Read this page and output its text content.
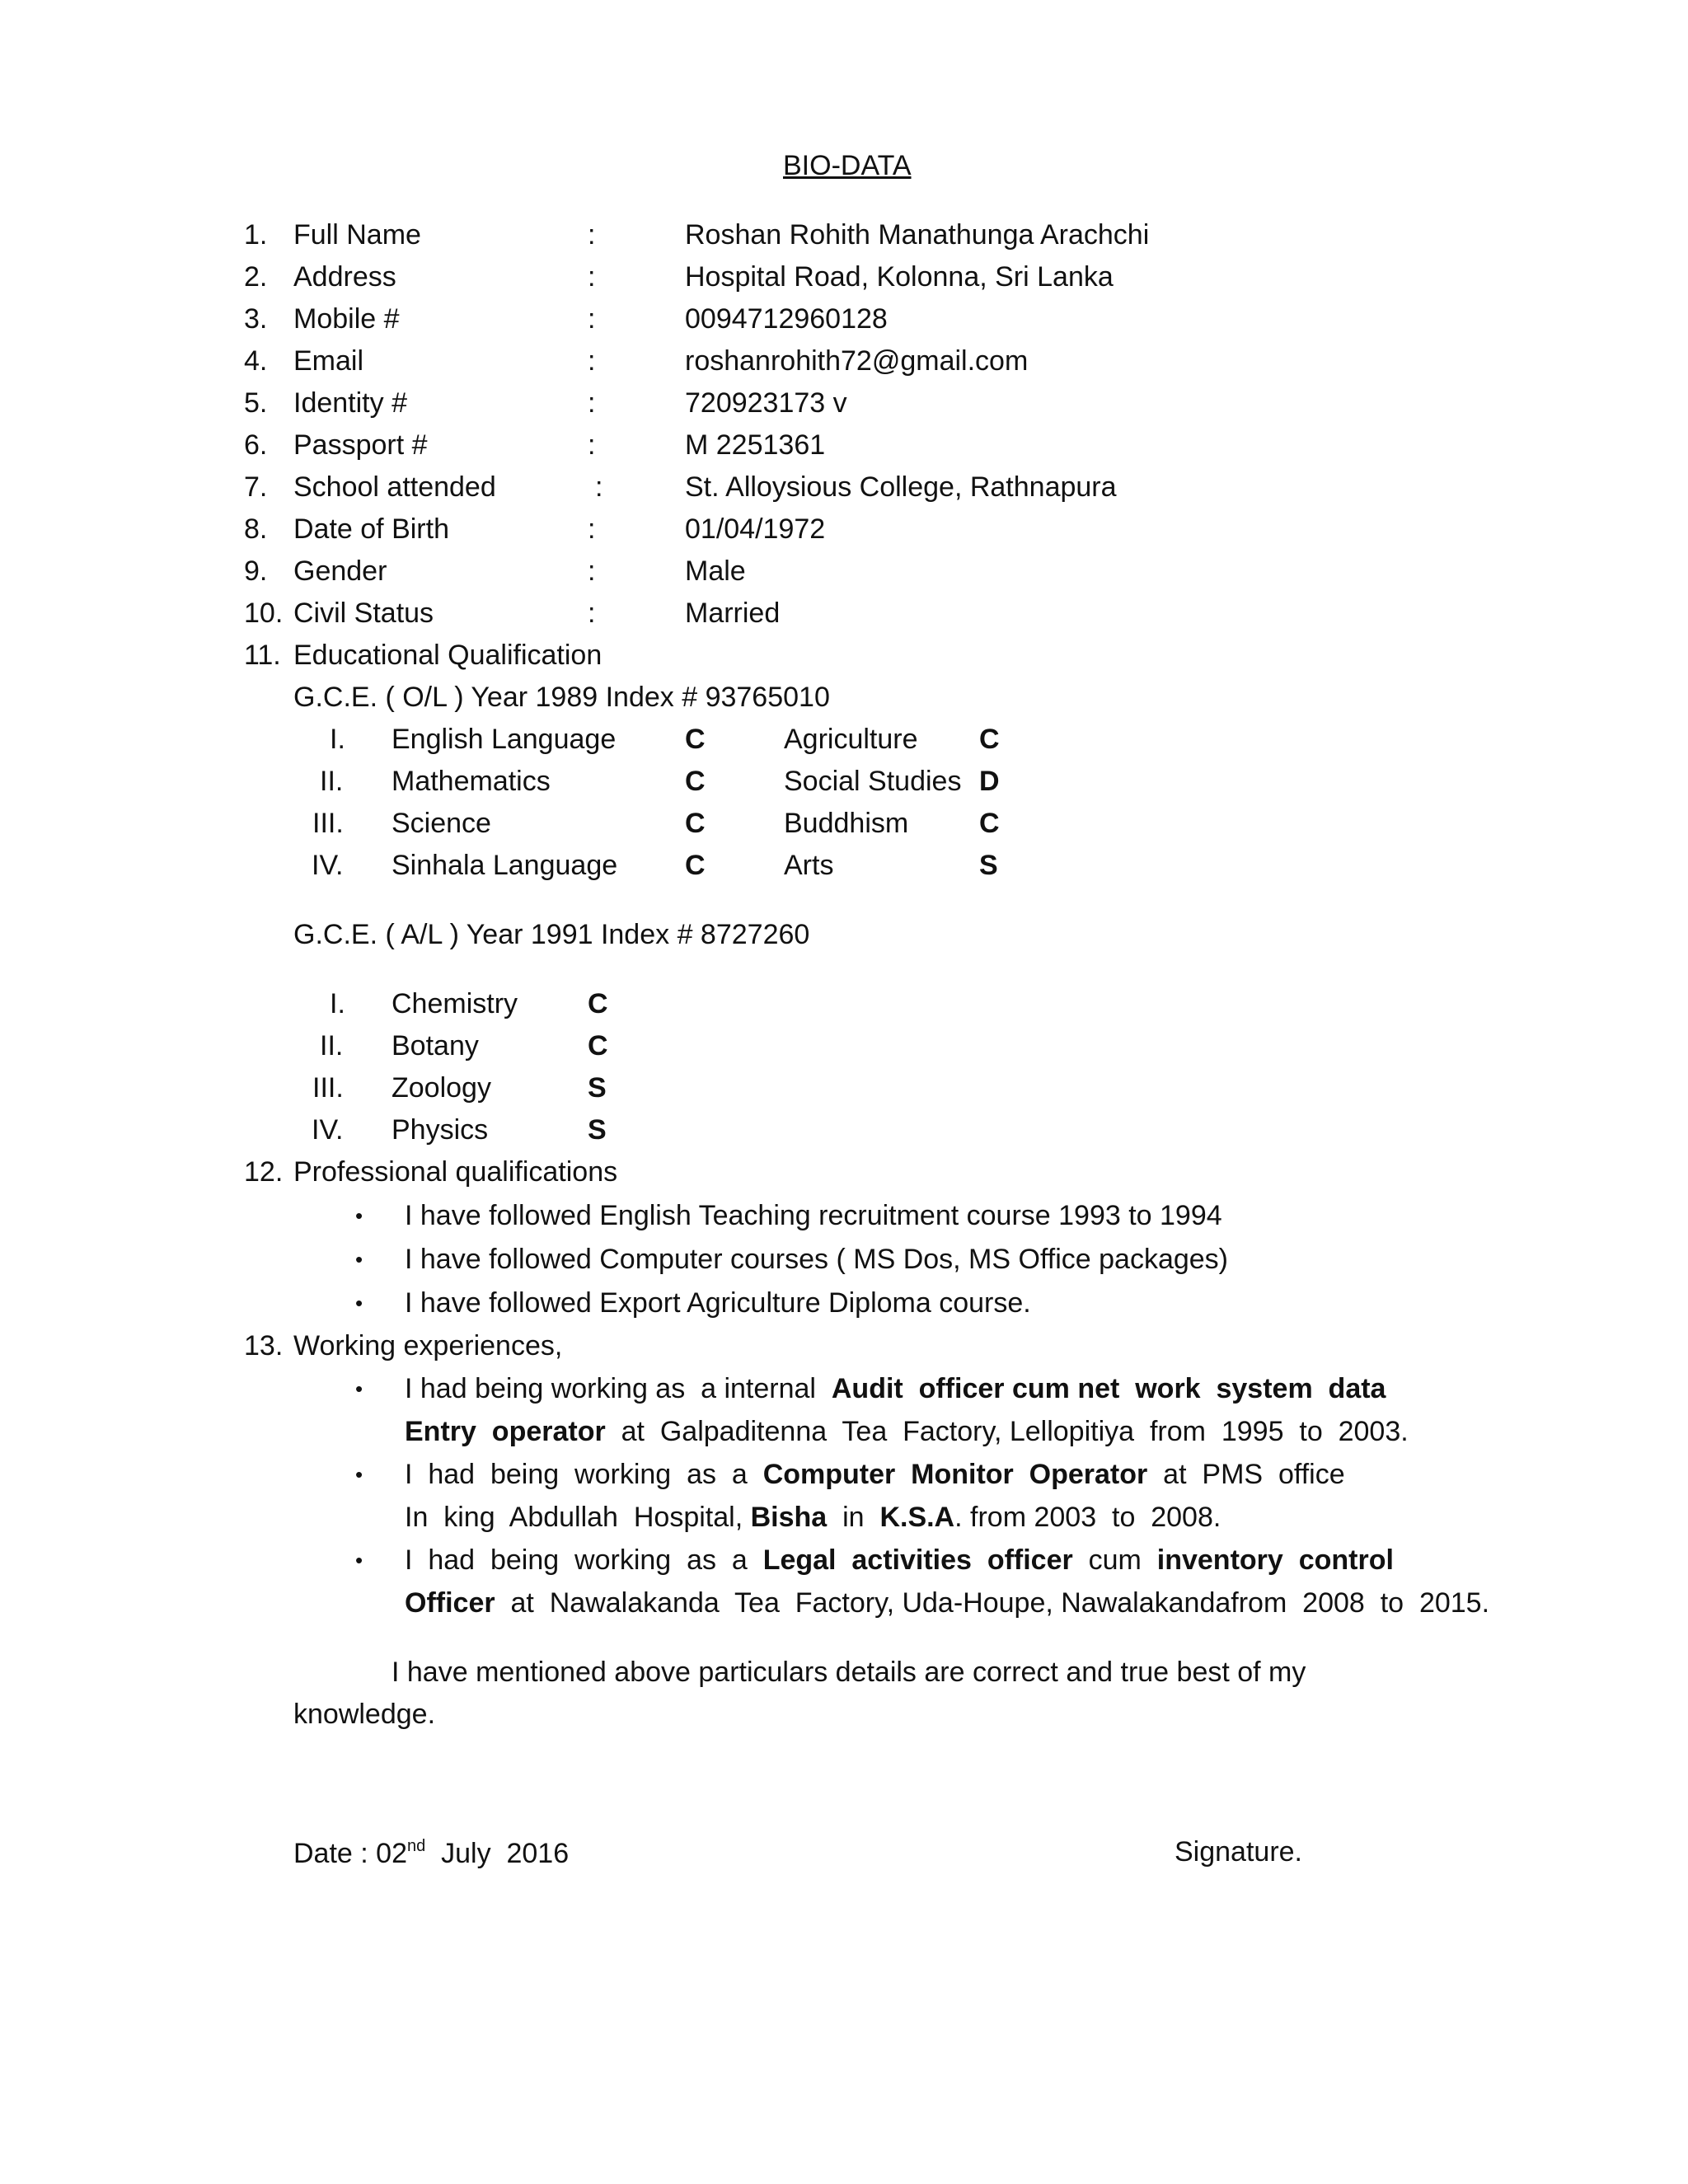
BIO-DATA
1. Full Name	:	Roshan Rohith Manathunga Arachchi
2. Address	:	Hospital Road, Kolonna, Sri Lanka
3. Mobile #	:	0094712960128
4. Email	:	roshanrohith72@gmail.com
5. Identity #	:	720923173 v
6. Passport #	:	M 2251361
7. School attended	:	St. Alloysious College, Rathnapura
8. Date of Birth	:	01/04/1972
9. Gender	:	Male
10. Civil Status	:	Married
11. Educational Qualification
G.C.E. ( O/L ) Year 1989 Index # 93765010
I. English Language C	Agriculture C
II. Mathematics	C	Social Studies D
III. Science	C	Buddhism	C
IV. Sinhala Language C	Arts	S
G.C.E. ( A/L ) Year 1991 Index # 8727260
I. Chemistry C
II. Botany	C
III. Zoology	S
IV. Physics	S
12. Professional qualifications
• I have followed English Teaching recruitment course 1993 to 1994
• I have followed Computer courses ( MS Dos, MS Office packages)
• I have followed Export Agriculture Diploma course.
13. Working experiences,
• I had being working as  a internal  Audit  officer cum net  work  system  data
Entry  operator  at  Galpaditenna  Tea  Factory, Lellopitiya  from  1995  to  2003.
• I  had  being  working  as  a  Computer  Monitor  Operator  at  PMS  office
In  king  Abdullah  Hospital, Bisha  in  K.S.A. from 2003  to  2008.
• I  had  being  working  as  a  Legal  activities  officer  cum  inventory  control
Officer  at  Nawalakanda  Tea  Factory, Uda-Houpe, Nawalakandafrom  2008  to  2015.
I have mentioned above particulars details are correct and true best of my
knowledge.
Date : 02nd  July  2016	Signature.
